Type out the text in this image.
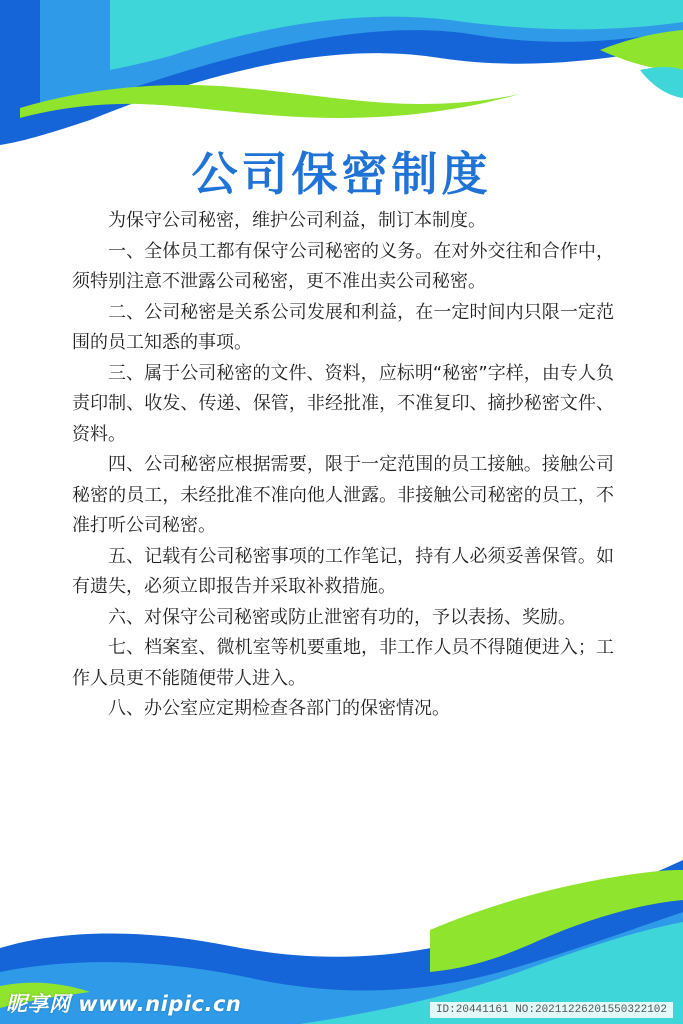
公司保密制度

为保守公司秘密，维护公司利益，制订本制度。

一、全体员工都有保守公司秘密的义务。在对外交往和合作中，须特别注意不泄露公司秘密，更不准出卖公司秘密。

二、公司秘密是关系公司发展和利益，在一定时间内只限一定范围的员工知悉的事项。

三、属于公司秘密的文件、资料，应标明“秘密”字样，由专人负责印制、收发、传递、保管，非经批准，不准复印、摘抄秘密文件、资料。

四、公司秘密应根据需要，限于一定范围的员工接触。接触公司秘密的员工，未经批准不准向他人泄露。非接触公司秘密的员工，不准打听公司秘密。

五、记载有公司秘密事项的工作笔记，持有人必须妥善保管。如有遗失，必须立即报告并采取补救措施。

六、对保守公司秘密或防止泄密有功的，予以表扬、奖励。

七、档案室、微机室等机要重地，非工作人员不得随便进入；工作人员更不能随便带人进入。

八、办公室应定期检查各部门的保密情况。

昵享网 www.nipic.cn	ID:20441161 NO:20211226201550322102
